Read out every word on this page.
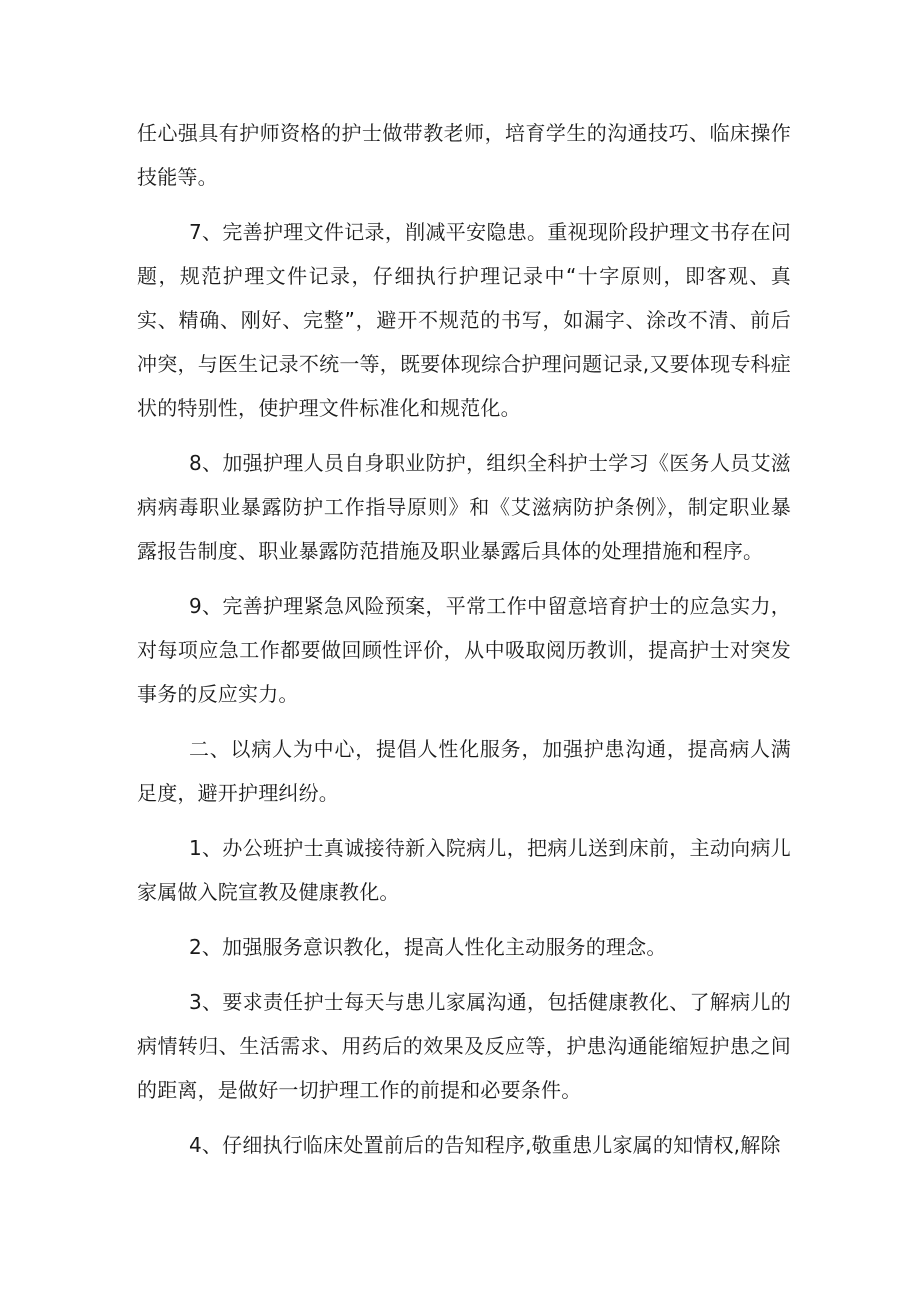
任心强具有护师资格的护士做带教老师，培育学生的沟通技巧、临床操作技能等。

7、完善护理文件记录，削减平安隐患。重视现阶段护理文书存在问题，规范护理文件记录，仔细执行护理记录中“十字原则，即客观、真实、精确、刚好、完整”，避开不规范的书写，如漏字、涂改不清、前后冲突，与医生记录不统一等，既要体现综合护理问题记录,又要体现专科症状的特别性，使护理文件标准化和规范化。

8、加强护理人员自身职业防护，组织全科护士学习《医务人员艾滋病病毒职业暴露防护工作指导原则》和《艾滋病防护条例》，制定职业暴露报告制度、职业暴露防范措施及职业暴露后具体的处理措施和程序。

9、完善护理紧急风险预案，平常工作中留意培育护士的应急实力，对每项应急工作都要做回顾性评价，从中吸取阅历教训，提高护士对突发事务的反应实力。

二、以病人为中心，提倡人性化服务，加强护患沟通，提高病人满足度，避开护理纠纷。

1、办公班护士真诚接待新入院病儿，把病儿送到床前，主动向病儿家属做入院宣教及健康教化。

2、加强服务意识教化，提高人性化主动服务的理念。

3、要求责任护士每天与患儿家属沟通，包括健康教化、了解病儿的病情转归、生活需求、用药后的效果及反应等，护患沟通能缩短护患之间的距离，是做好一切护理工作的前提和必要条件。

4、仔细执行临床处置前后的告知程序,敬重患儿家属的知情权,解除
